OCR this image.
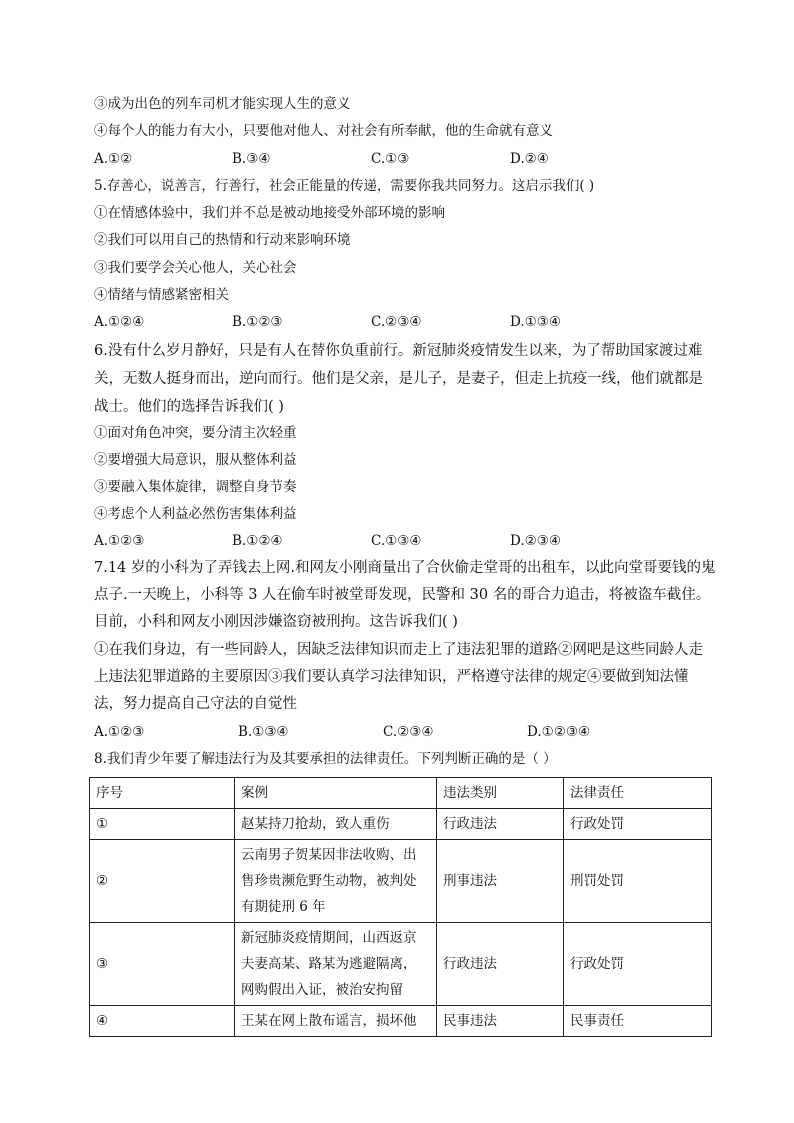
③成为出色的列车司机才能实现人生的意义
④每个人的能力有大小，只要他对他人、对社会有所奉献，他的生命就有意义
A.①②	B.③④	C.①③	D.②④
5.存善心，说善言，行善行，社会正能量的传递，需要你我共同努力。这启示我们( )
①在情感体验中，我们并不总是被动地接受外部环境的影响
②我们可以用自己的热情和行动来影响环境
③我们要学会关心他人，关心社会
④情绪与情感紧密相关
A.①②④	B.①②③	C.②③④	D.①③④
6.没有什么岁月静好，只是有人在替你负重前行。新冠肺炎疫情发生以来，为了帮助国家渡过难
关，无数人挺身而出，逆向而行。他们是父亲，是儿子，是妻子，但走上抗疫一线，他们就都是
战士。他们的选择告诉我们( )
①面对角色冲突，要分清主次轻重
②要增强大局意识，服从整体利益
③要融入集体旋律，调整自身节奏
④考虑个人利益必然伤害集体利益
A.①②③	B.①②④	C.①③④	D.②③④
7.14 岁的小科为了弄钱去上网.和网友小刚商量出了合伙偷走堂哥的出租车，以此向堂哥要钱的鬼
点子.一天晚上，小科等 3 人在偷车时被堂哥发现，民警和 30 名的哥合力追击，将被盗车截住。
目前，小科和网友小刚因涉嫌盗窃被刑拘。这告诉我们( )
①在我们身边，有一些同龄人，因缺乏法律知识而走上了违法犯罪的道路②网吧是这些同龄人走
上违法犯罪道路的主要原因③我们要认真学习法律知识，严格遵守法律的规定④要做到知法懂
法，努力提高自己守法的自觉性
A.①②③	B.①③④	C.②③④	D.①②③④
8.我们青少年要了解违法行为及其要承担的法律责任。下列判断正确的是（ ）
序号	案例	违法类别	法律责任
①	赵某持刀抢劫，致人重伤	行政违法	行政处罚
②	云南男子贺某因非法收购、出
售珍贵濒危野生动物，被判处
有期徒刑 6 年	刑事违法	刑罚处罚
③	新冠肺炎疫情期间，山西返京
夫妻高某、路某为逃避隔离，
网购假出入证，被治安拘留	行政违法	行政处罚
④	王某在网上散布谣言，损坏他	民事违法	民事责任
